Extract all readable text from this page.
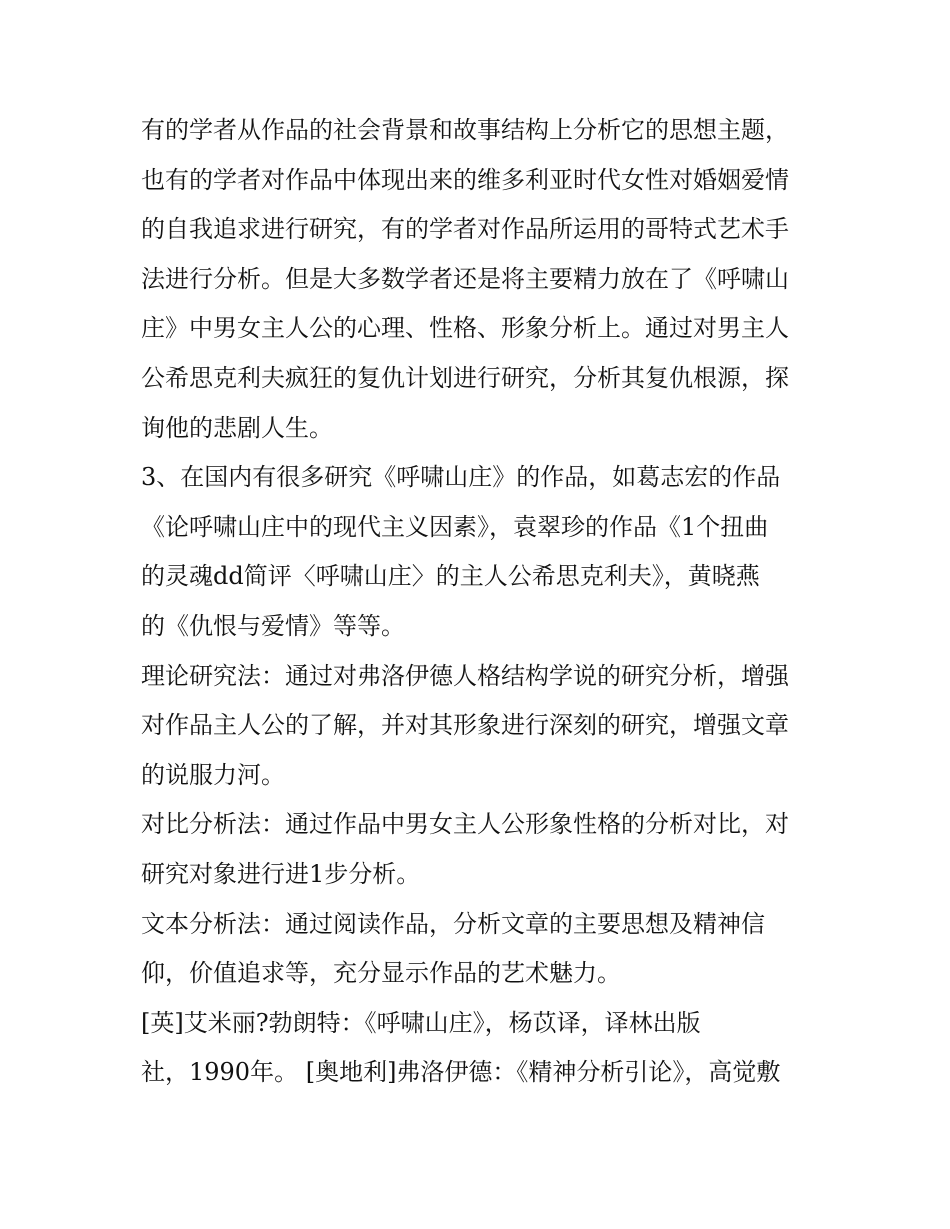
有的学者从作品的社会背景和故事结构上分析它的思想主题，
也有的学者对作品中体现出来的维多利亚时代女性对婚姻爱情
的自我追求进行研究，有的学者对作品所运用的哥特式艺术手
法进行分析。但是大多数学者还是将主要精力放在了《呼啸山
庄》中男女主人公的心理、性格、形象分析上。通过对男主人
公希思克利夫疯狂的复仇计划进行研究，分析其复仇根源，探
询他的悲剧人生。
3、在国内有很多研究《呼啸山庄》的作品，如葛志宏的作品
《论呼啸山庄中的现代主义因素》，袁翠珍的作品《1个扭曲
的灵魂dd简评〈呼啸山庄〉的主人公希思克利夫》，黄晓燕
的《仇恨与爱情》等等。
理论研究法：通过对弗洛伊德人格结构学说的研究分析，增强
对作品主人公的了解，并对其形象进行深刻的研究，增强文章
的说服力河。
对比分析法：通过作品中男女主人公形象性格的分析对比，对
研究对象进行进1步分析。
文本分析法：通过阅读作品，分析文章的主要思想及精神信
仰，价值追求等，充分显示作品的艺术魅力。
[英]艾米丽?勃朗特：《呼啸山庄》，杨苡译，译林出版
社，1990年。 [奥地利]弗洛伊德：《精神分析引论》，高觉敷
